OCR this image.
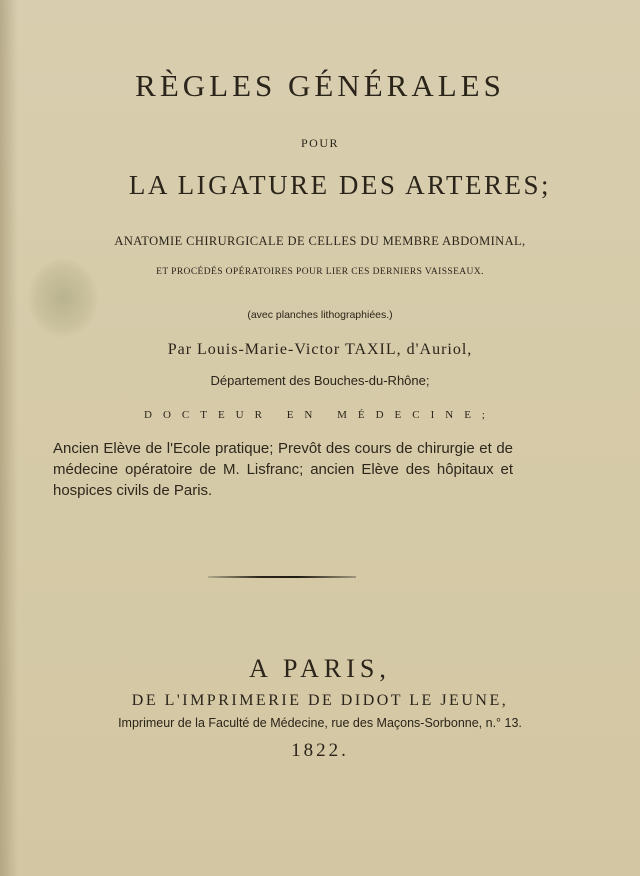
RÈGLES GÉNÉRALES
POUR
LA LIGATURE DES ARTERES;
ANATOMIE CHIRURGICALE DE CELLES DU MEMBRE ABDOMINAL,
ET PROCÉDÉS OPÉRATOIRES POUR LIER CES DERNIERS VAISSEAUX.
(avec planches lithographiées.)
Par Louis-Marie-Victor TAXIL, d'Auriol,
Département des Bouches-du-Rhône;
DOCTEUR EN MÉDECINE;
Ancien Elève de l'Ecole pratique; Prevôt des cours de chirurgie et de médecine opératoire de M. Lisfranc; ancien Elève des hôpitaux et hospices civils de Paris.
A PARIS,
DE L'IMPRIMERIE DE DIDOT LE JEUNE,
Imprimeur de la Faculté de Médecine, rue des Maçons-Sorbonne, n.° 13.
1822.
